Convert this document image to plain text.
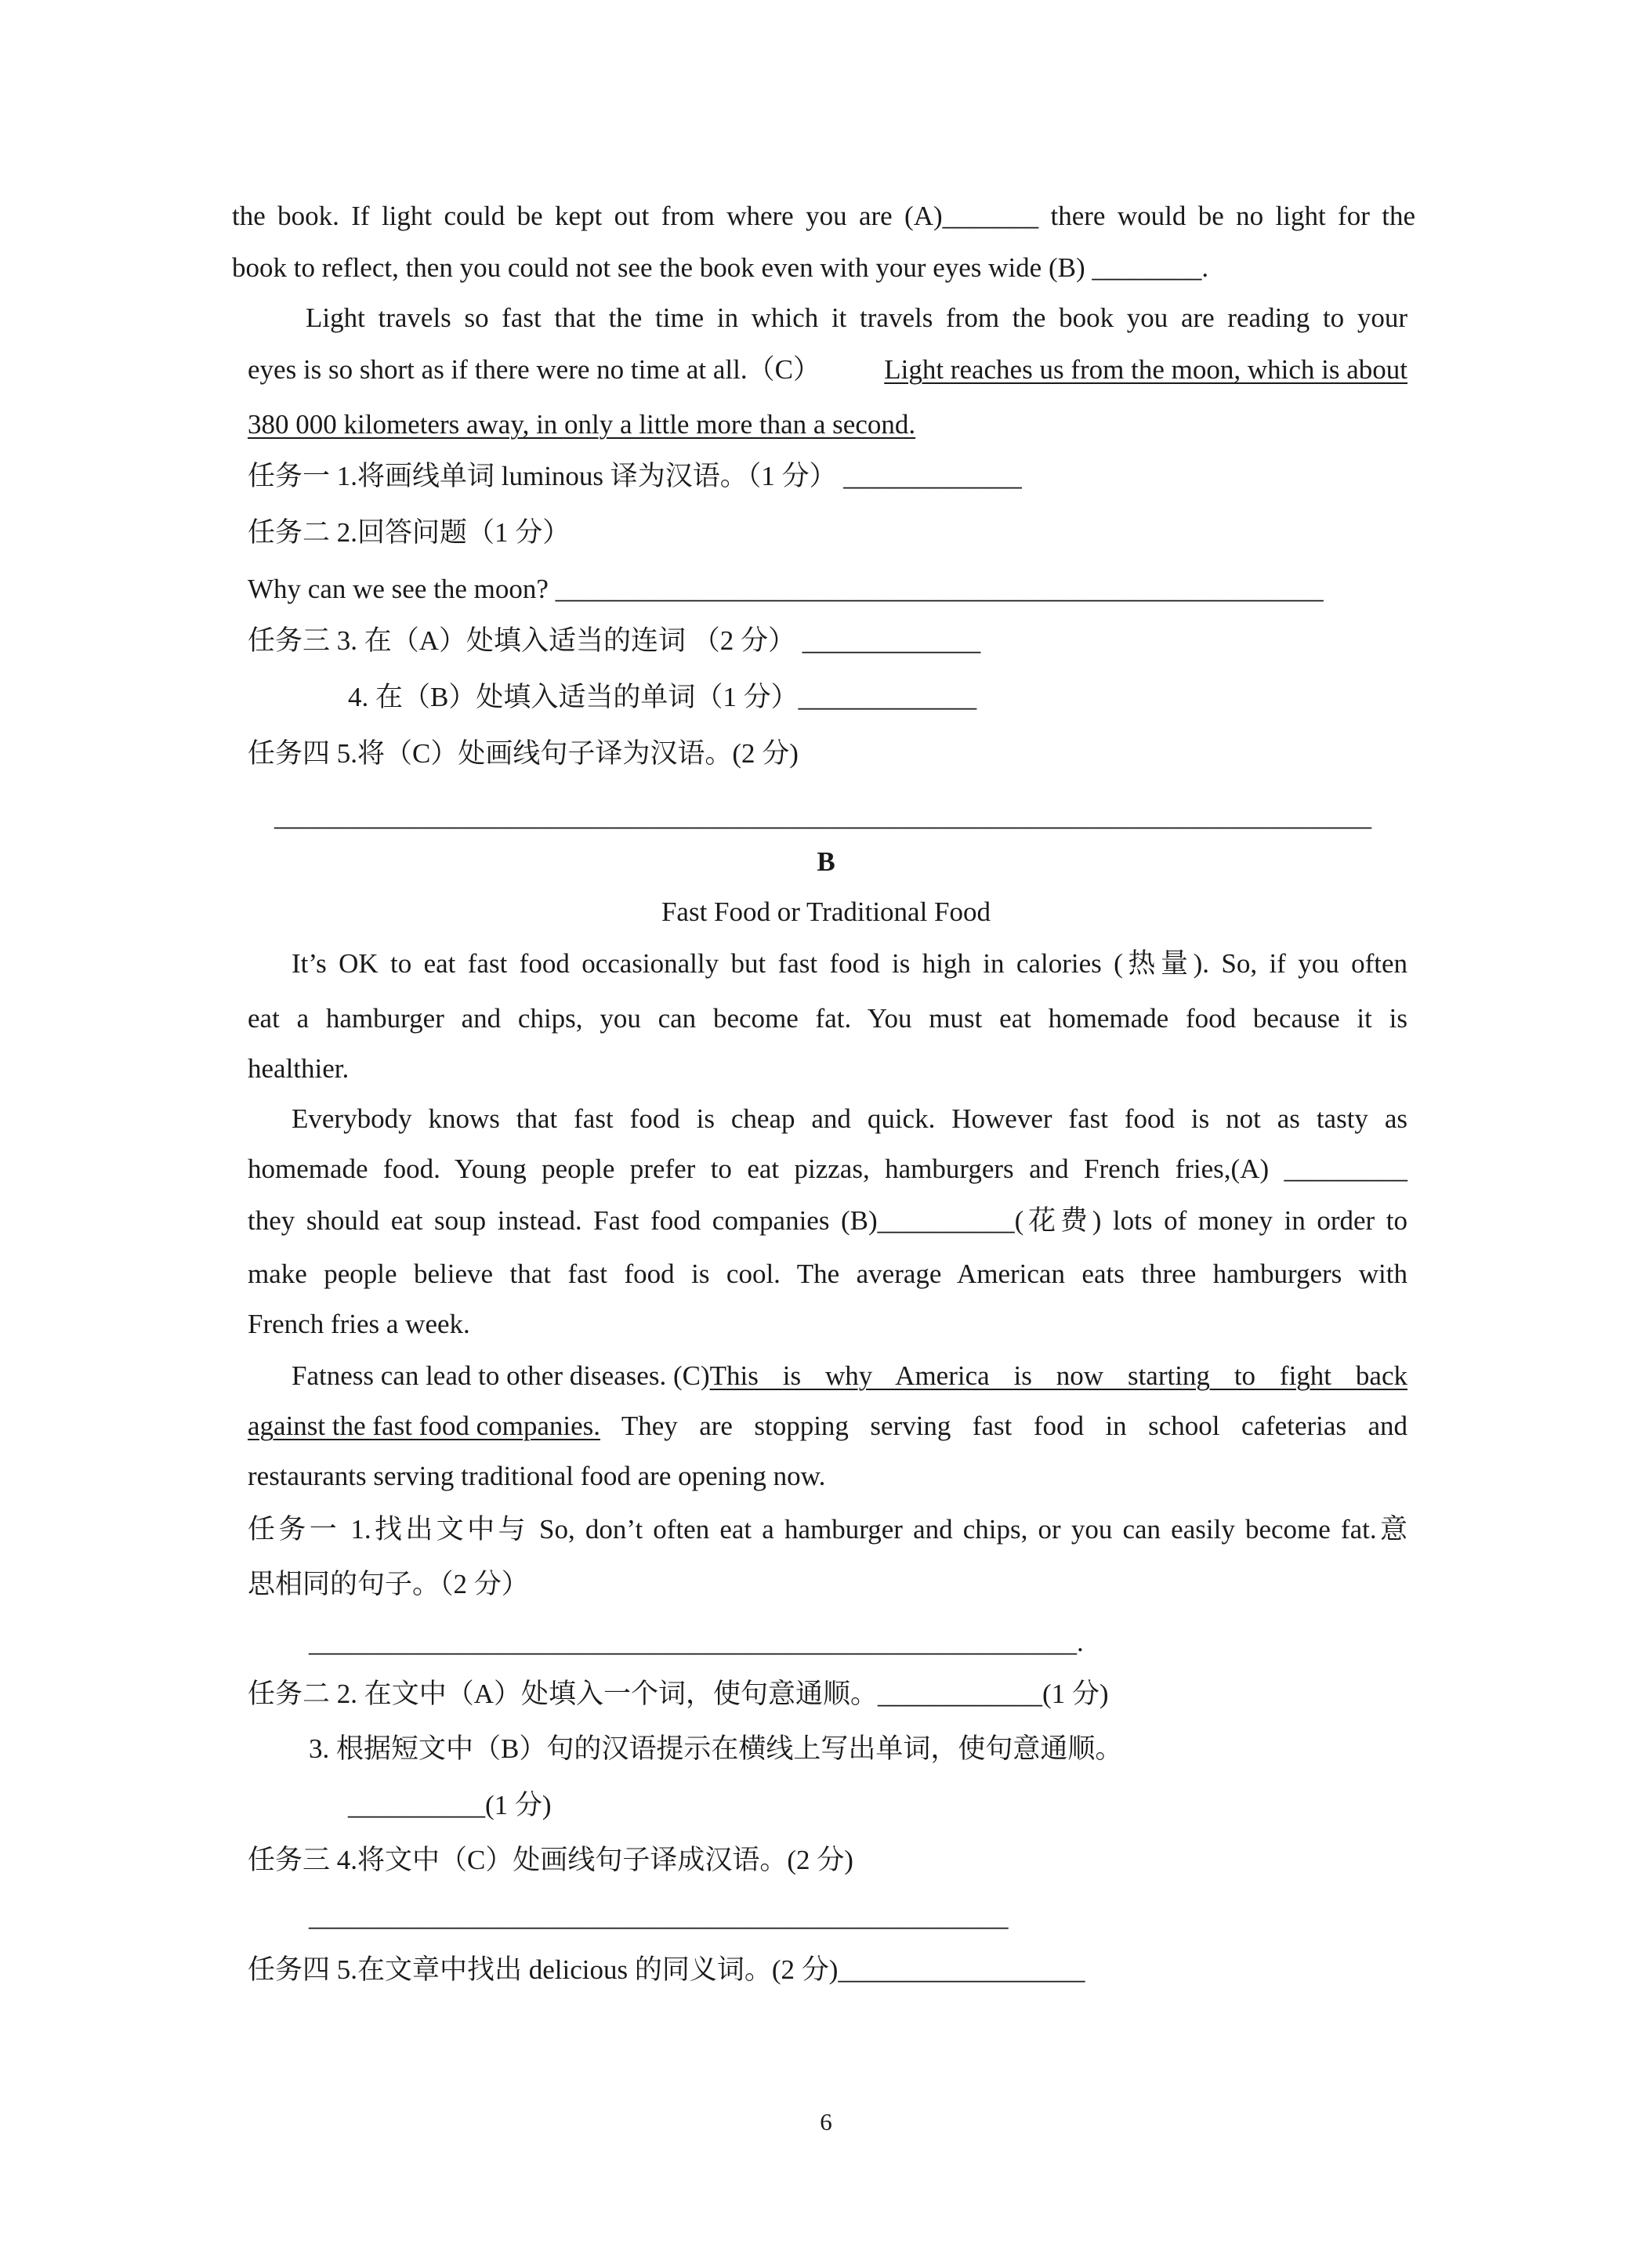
the book. If light could be kept out from where you are (A)_______ there would be no light for the
book to reflect, then you could not see the book even with your eyes wide (B) ________.
Light travels so fast that the time in which it travels from the book you are reading to your
eyes is so short as if there were no time at all.（C） Light reaches us from the moon, which is about
380 000 kilometers away, in only a little more than a second.
任务一 1.将画线单词 luminous 译为汉语。（1 分） _____________
任务二 2.回答问题（1 分）
Why can we see the moon? ________________________________________________________
任务三 3. 在（A）处填入适当的连词 （2 分） _____________
4. 在（B）处填入适当的单词（1 分）_____________
任务四 5.将（C）处画线句子译为汉语。(2 分)
________________________________________________________________________________
B
Fast Food or Traditional Food
It’s OK to eat fast food occasionally but fast food is high in calories (热量). So, if you often
eat a hamburger and chips, you can become fat. You must eat homemade food because it is
healthier.
Everybody knows that fast food is cheap and quick. However fast food is not as tasty as
homemade food. Young people prefer to eat pizzas, hamburgers and French fries,(A) _________
they should eat soup instead. Fast food companies (B)__________(花费) lots of money in order to
make people believe that fast food is cool. The average American eats three hamburgers with
French fries a week.
Fatness can lead to other diseases. (C) This is why America is now starting to fight back
against the fast food companies. They are stopping serving fast food in school cafeterias and
restaurants serving traditional food are opening now.
任务一 1.找出文中与 So, don’t often eat a hamburger and chips, or you can easily become fat.意
思相同的句子。（2 分）
________________________________________________________.
任务二 2. 在文中（A）处填入一个词，使句意通顺。____________(1 分)
3. 根据短文中（B）句的汉语提示在横线上写出单词，使句意通顺。
__________(1 分)
任务三 4.将文中（C）处画线句子译成汉语。(2 分)
___________________________________________________
任务四 5.在文章中找出 delicious 的同义词。(2 分)__________________
6
